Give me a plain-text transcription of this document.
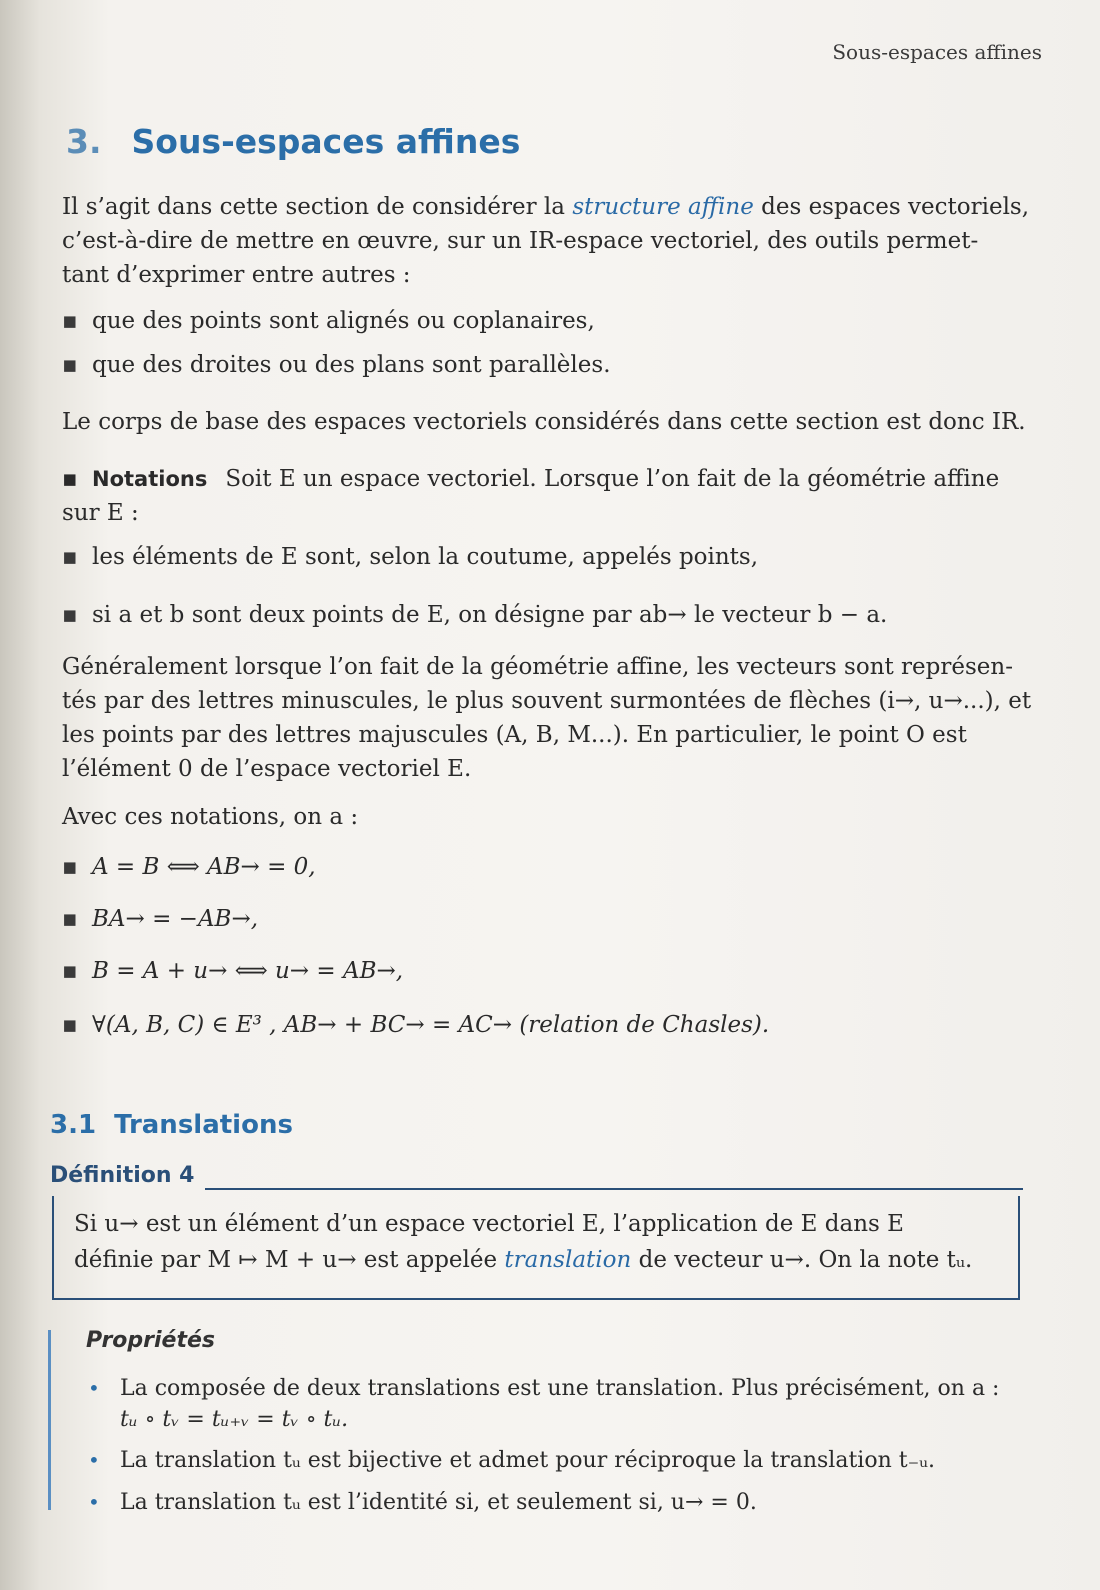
Sous-espaces affines
3. Sous-espaces affines
Il s’agit dans cette section de considérer la structure affine des espaces vectoriels,
c’est-à-dire de mettre en œuvre, sur un IR-espace vectoriel, des outils permet-
tant d’exprimer entre autres :
▪ que des points sont alignés ou coplanaires,
▪ que des droites ou des plans sont parallèles.
Le corps de base des espaces vectoriels considérés dans cette section est donc IR.
▪ Notations Soit E un espace vectoriel. Lorsque l’on fait de la géométrie affine
sur E :
▪ les éléments de E sont, selon la coutume, appelés points,
▪ si a et b sont deux points de E, on désigne par ab→ le vecteur b − a.
Généralement lorsque l’on fait de la géométrie affine, les vecteurs sont représen-
tés par des lettres minuscules, le plus souvent surmontées de flèches (i→, u→...), et
les points par des lettres majuscules (A, B, M...). En particulier, le point O est
l’élément 0 de l’espace vectoriel E.
Avec ces notations, on a :
▪ A = B ⟺ AB→ = 0,
▪ BA→ = −AB→,
▪ B = A + u→ ⟺ u→ = AB→,
▪ ∀(A, B, C) ∈ E³ , AB→ + BC→ = AC→ (relation de Chasles).
3.1 Translations
Définition 4
Si u→ est un élément d’un espace vectoriel E, l’application de E dans E
définie par M ↦ M + u→ est appelée translation de vecteur u→. On la note tᵤ.
Propriétés
• La composée de deux translations est une translation. Plus précisément, on a :
tᵤ ∘ tᵥ = tᵤ₊ᵥ = tᵥ ∘ tᵤ.
• La translation tᵤ est bijective et admet pour réciproque la translation t₋ᵤ.
• La translation tᵤ est l’identité si, et seulement si, u→ = 0.
